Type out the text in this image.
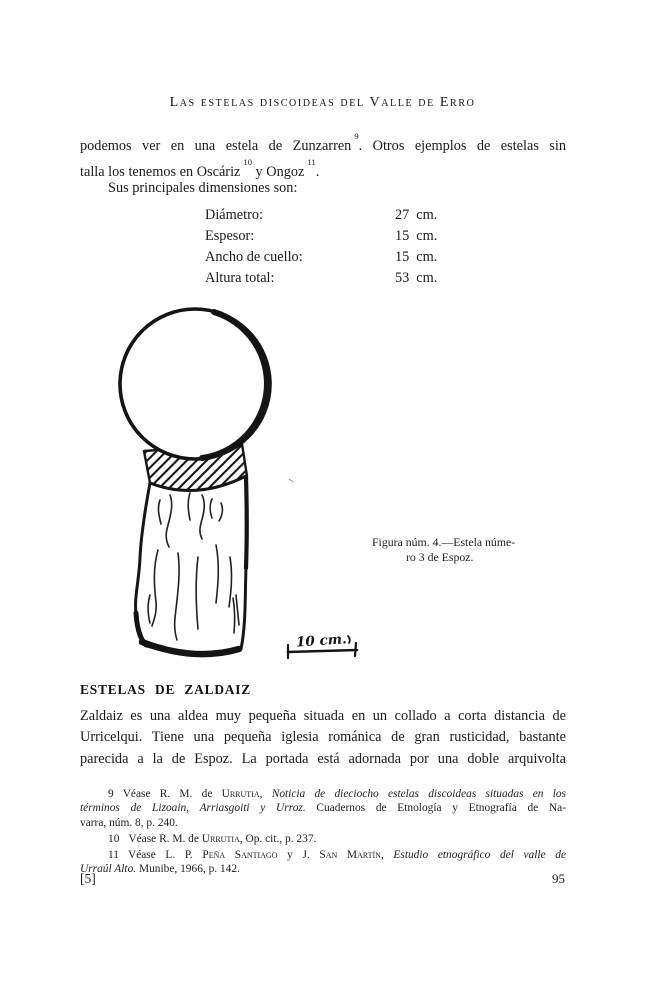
Las estelas discoideas del Valle de Erro
podemos ver en una estela de Zunzarren$^9$. Otros ejemplos de estelas sin
talla los tenemos en Oscáriz$^{10}$ y Ongoz$^{11}$.
Sus principales dimensiones son:
Diámetro:	27 cm.
Espesor:	15 cm.
Ancho de cuello:	15 cm.
Altura total:	53 cm.
10 cm.
Figura núm. 4.—Estela núme-
ro 3 de Espoz.
ESTELAS DE ZALDAIZ
Zaldaiz es una aldea muy pequeña situada en un collado a corta distancia de
Urricelqui. Tiene una pequeña iglesia románica de gran rusticidad, bastante
parecida a la de Espoz. La portada está adornada por una doble arquivolta
9 Véase R. M. de Urrutia, Noticia de dieciocho estelas discoideas situadas en los
términos de Lizoain, Arriasgoiti y Urroz. Cuadernos de Etnología y Etnografía de Na-
varra, núm. 8, p. 240.
10 Véase R. M. de Urrutia, Op. cit., p. 237.
11 Véase L. P. Peña Santiago y J. San Martín, Estudio etnográfico del valle de
Urraúl Alto. Munibe, 1966, p. 142.
[5]	95
